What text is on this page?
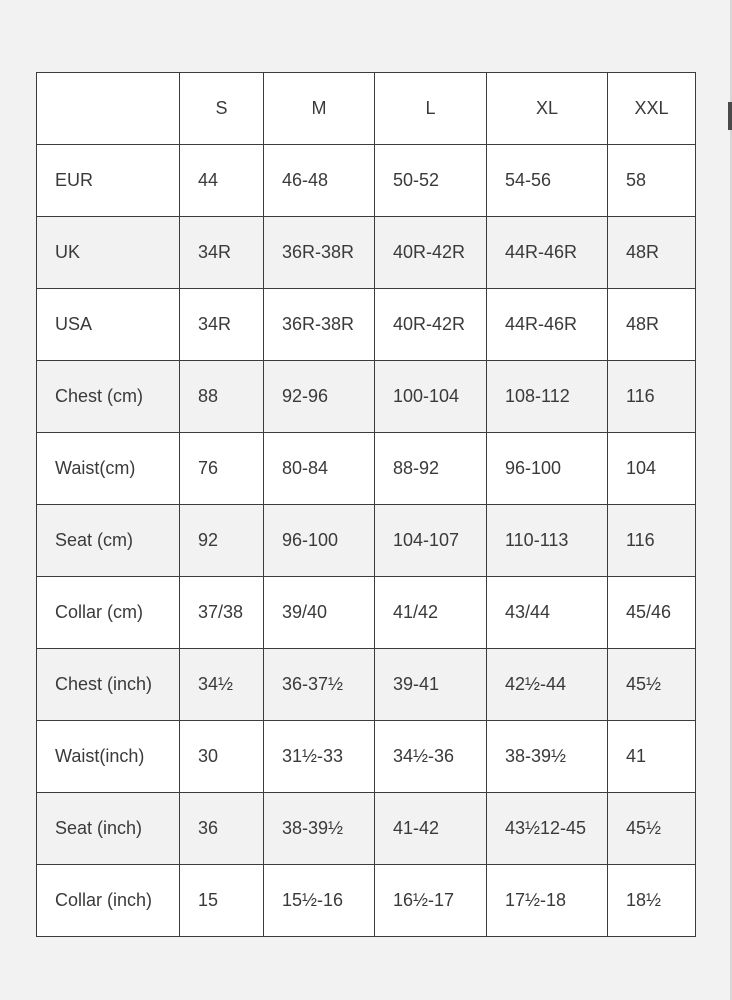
	S	M	L	XL	XXL
EUR	44	46-48	50-52	54-56	58
UK	34R	36R-38R	40R-42R	44R-46R	48R
USA	34R	36R-38R	40R-42R	44R-46R	48R
Chest (cm)	88	92-96	100-104	108-112	116
Waist(cm)	76	80-84	88-92	96-100	104
Seat (cm)	92	96-100	104-107	110-113	116
Collar (cm)	37/38	39/40	41/42	43/44	45/46
Chest (inch)	34½	36-37½	39-41	42½-44	45½
Waist(inch)	30	31½-33	34½-36	38-39½	41
Seat (inch)	36	38-39½	41-42	43½12-45	45½
Collar (inch)	15	15½-16	16½-17	17½-18	18½
